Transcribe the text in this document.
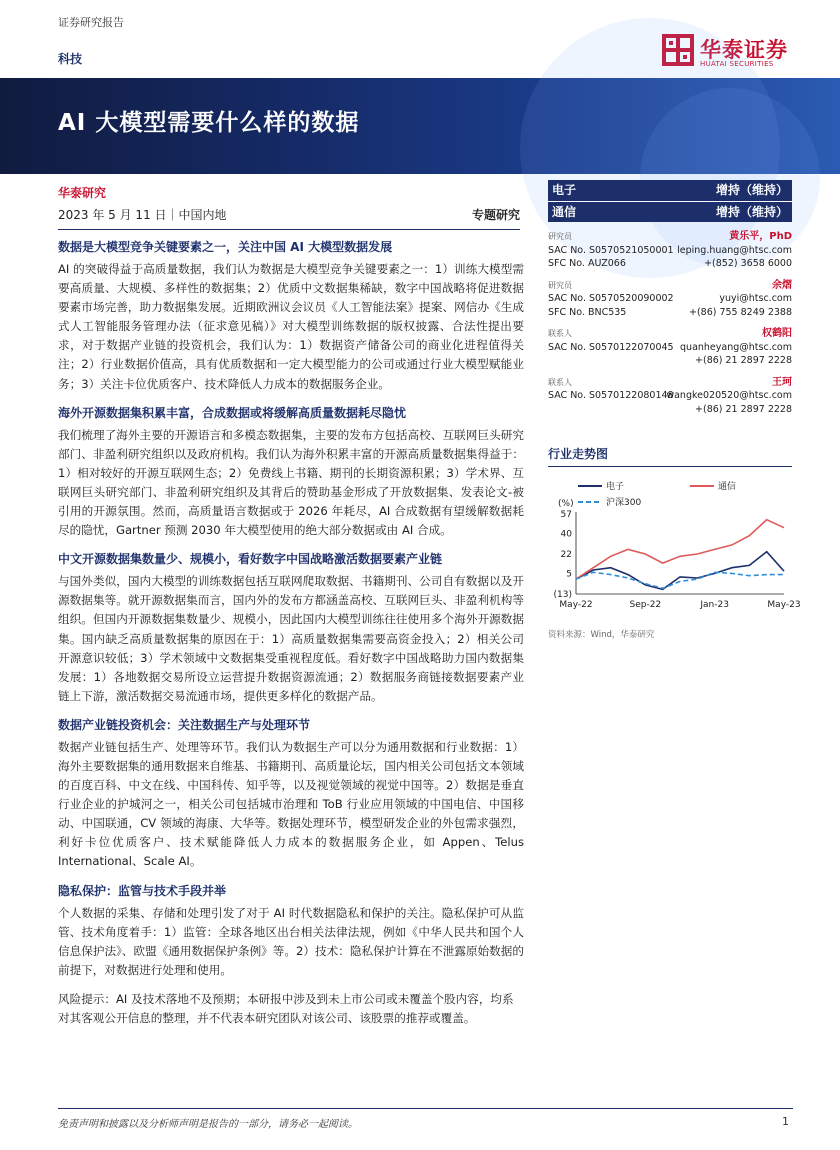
证券研究报告
科技	华泰证券
HUATAI SECURITIES
AI 大模型需要什么样的数据
华泰研究
2023 年 5 月 11 日｜中国内地	专题研究
数据是大模型竞争关键要素之一，关注中国 AI 大模型数据发展
AI 的突破得益于高质量数据，我们认为数据是大模型竞争关键要素之一：1）训练大模型需要高质量、大规模、多样性的数据集；2）优质中文数据集稀缺，数字中国战略将促进数据要素市场完善，助力数据集发展。近期欧洲议会议员《人工智能法案》提案、网信办《生成式人工智能服务管理办法（征求意见稿）》对大模型训练数据的版权披露、合法性提出要求，对于数据产业链的投资机会，我们认为：1）数据资产储备公司的商业化进程值得关注；2）行业数据价值高，具有优质数据和一定大模型能力的公司或通过行业大模型赋能业务；3）关注卡位优质客户、技术降低人力成本的数据服务企业。
海外开源数据集积累丰富，合成数据或将缓解高质量数据耗尽隐忧
我们梳理了海外主要的开源语言和多模态数据集，主要的发布方包括高校、互联网巨头研究部门、非盈利研究组织以及政府机构。我们认为海外积累丰富的开源高质量数据集得益于：1）相对较好的开源互联网生态；2）免费线上书籍、期刊的长期资源积累；3）学术界、互联网巨头研究部门、非盈利研究组织及其背后的赞助基金形成了开放数据集、发表论文-被引用的开源氛围。然而，高质量语言数据或于 2026 年耗尽，AI 合成数据有望缓解数据耗尽的隐忧，Gartner 预测 2030 年大模型使用的绝大部分数据或由 AI 合成。
中文开源数据集数量少、规模小，看好数字中国战略激活数据要素产业链
与国外类似，国内大模型的训练数据包括互联网爬取数据、书籍期刊、公司自有数据以及开源数据集等。就开源数据集而言，国内外的发布方都涵盖高校、互联网巨头、非盈利机构等组织。但国内开源数据集数量少、规模小，因此国内大模型训练往往使用多个海外开源数据集。国内缺乏高质量数据集的原因在于：1）高质量数据集需要高资金投入；2）相关公司开源意识较低；3）学术领域中文数据集受重视程度低。看好数字中国战略助力国内数据集发展：1）各地数据交易所设立运营提升数据资源流通；2）数据服务商链接数据要素产业链上下游，激活数据交易流通市场，提供更多样化的数据产品。
数据产业链投资机会：关注数据生产与处理环节
数据产业链包括生产、处理等环节。我们认为数据生产可以分为通用数据和行业数据：1）海外主要数据集的通用数据来自维基、书籍期刊、高质量论坛，国内相关公司包括文本领域的百度百科、中文在线、中国科传、知乎等，以及视觉领域的视觉中国等。2）数据是垂直行业企业的护城河之一，相关公司包括城市治理和 ToB 行业应用领域的中国电信、中国移动、中国联通，CV 领域的海康、大华等。数据处理环节，模型研发企业的外包需求强烈，利好卡位优质客户、技术赋能降低人力成本的数据服务企业，如 Appen、Telus International、Scale AI。
隐私保护：监管与技术手段并举
个人数据的采集、存储和处理引发了对于 AI 时代数据隐私和保护的关注。隐私保护可从监管、技术角度着手：1）监管：全球各地区出台相关法律法规，例如《中华人民共和国个人信息保护法》、欧盟《通用数据保护条例》等。2）技术：隐私保护计算在不泄露原始数据的前提下，对数据进行处理和使用。
风险提示：AI 及技术落地不及预期；本研报中涉及到未上市公司或未覆盖个股内容，均系对其客观公开信息的整理，并不代表本研究团队对该公司、该股票的推荐或覆盖。
电子	增持（维持）
通信	增持（维持）
研究员	黄乐平，PhD
SAC No. S0570521050001 leping.huang@htsc.com
SFC No. AUZ066	+(852) 3658 6000
研究员	余熠
SAC No. S0570520090002	yuyi@htsc.com
SFC No. BNC535	+(86) 755 8249 2388
联系人	权鹤阳
SAC No. S0570122070045 quanheyang@htsc.com
+(86) 21 2897 2228
联系人	王珂
SAC No. S0570122080148
wangke020520@htsc.com
+(86) 21 2897 2228
行业走势图
(%)
57
40
22
5
(13)
May-22	Sep-22	Jan-23	May-23
电子	通信
沪深300
资料来源：Wind，华泰研究
免责声明和披露以及分析师声明是报告的一部分，请务必一起阅读。	1
